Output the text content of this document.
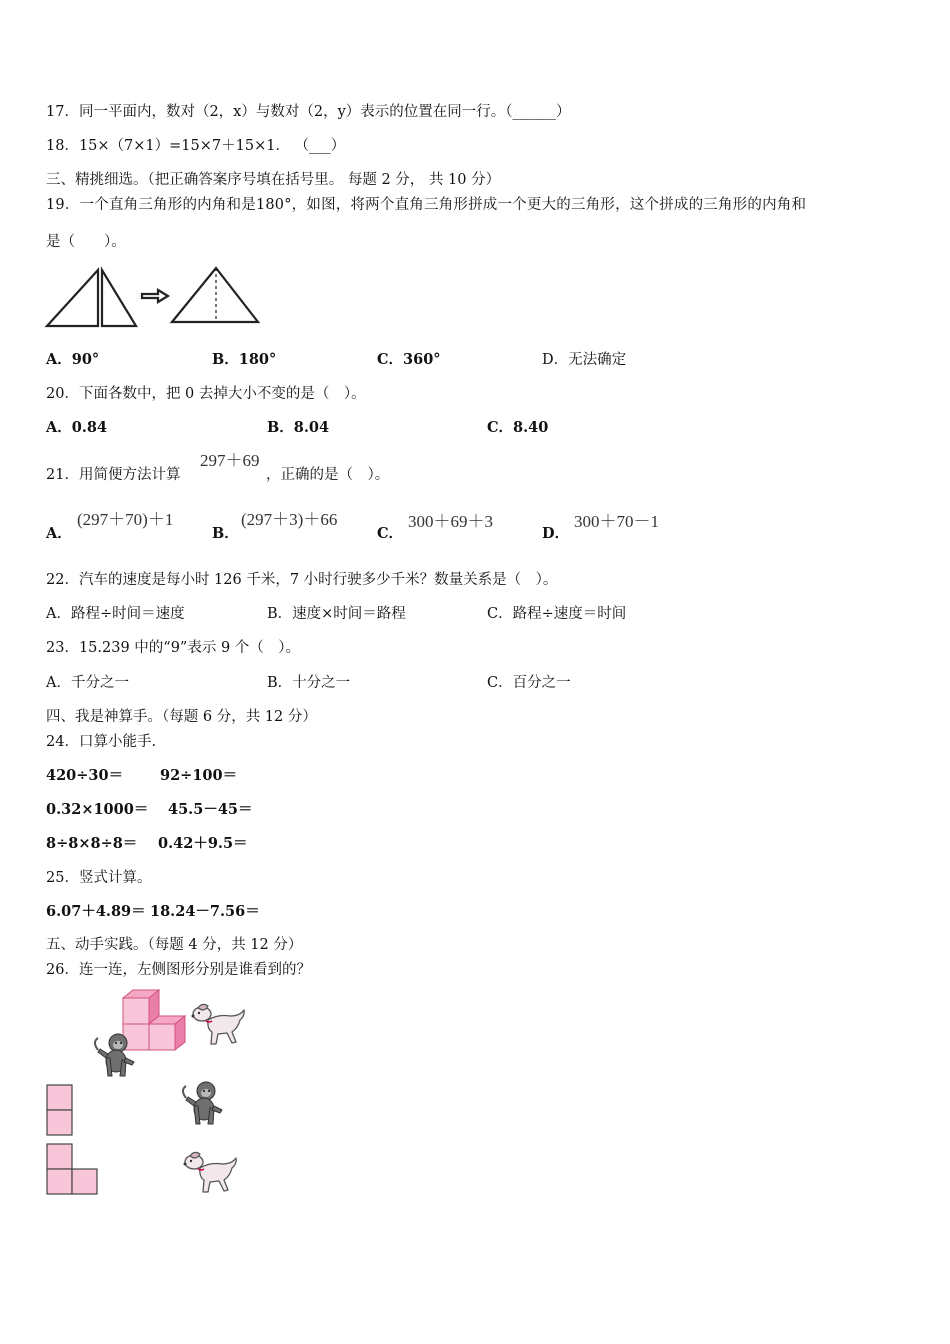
17．同一平面内，数对（2，x）与数对（2，y）表示的位置在同一行。（______）
18．15×（7×1）=15×7＋15×1． （___）
三、精挑细选。（把正确答案序号填在括号里。 每题 2 分， 共 10 分）
19．一个直角三角形的内角和是180°，如图，将两个直角三角形拼成一个更大的三角形，这个拼成的三角形的内角和
是（　　）。
A．90°	B．180°	C．360°	D．无法确定
20．下面各数中，把 0 去掉大小不变的是（　）。
A．0.84	B．8.04	C．8.40
21．用简便方法计算
297＋69
，正确的是（　）。
A．
(297＋70)＋1
B．
(297＋3)＋66
C．
300＋69＋3
D．
300＋70－1
22．汽车的速度是每小时 126 千米，7 小时行驶多少千米？数量关系是（　）。
A．路程÷时间＝速度	B．速度×时间＝路程	C．路程÷速度＝时间
23．15.239 中的“9”表示 9 个（　）。
A．千分之一	B．十分之一	C．百分之一
四、我是神算手。（每题 6 分，共 12 分）
24．口算小能手.
420÷30＝	92÷100＝
0.32×1000＝ 45.5－45＝
8÷8×8÷8＝ 0.42＋9.5＝
25．竖式计算。
6.07＋4.89＝ 18.24－7.56＝
五、动手实践。（每题 4 分，共 12 分）
26．连一连，左侧图形分别是谁看到的？
